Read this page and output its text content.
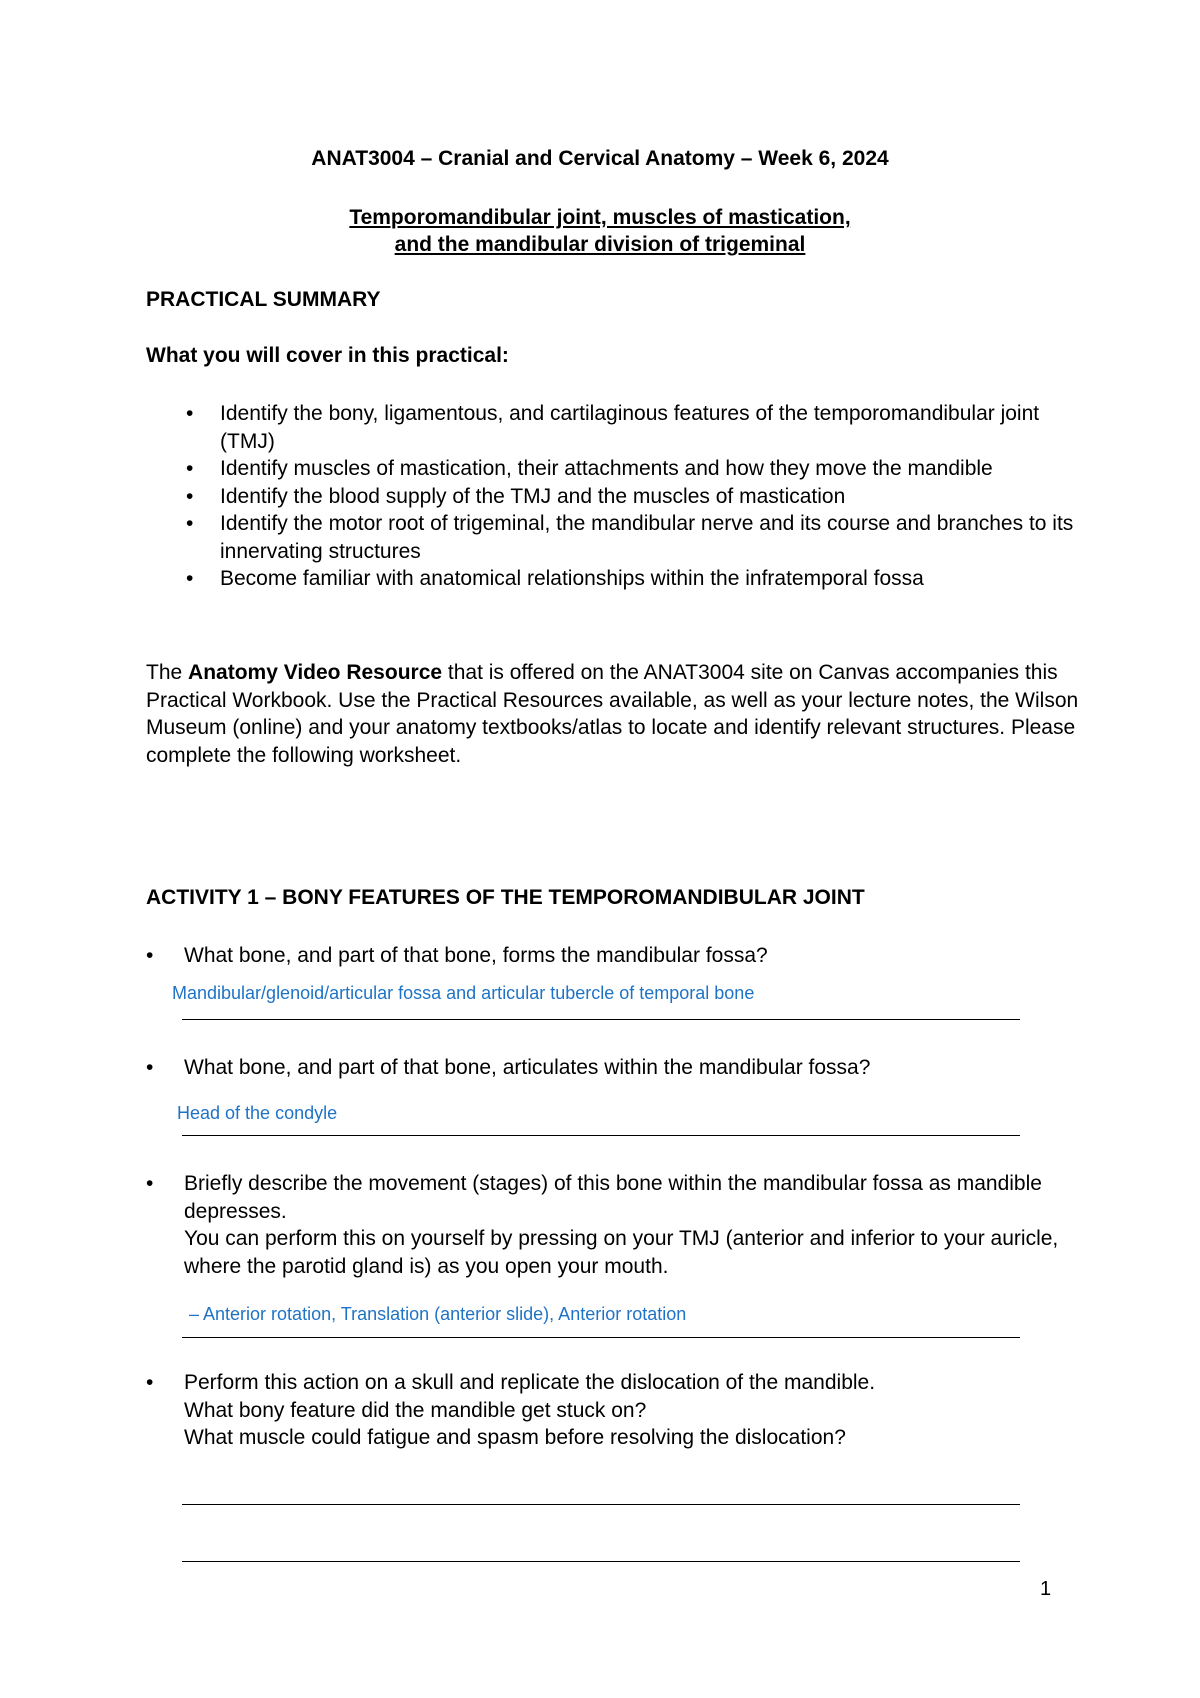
ANAT3004 – Cranial and Cervical Anatomy – Week 6, 2024
Temporomandibular joint, muscles of mastication,
and the mandibular division of trigeminal
PRACTICAL SUMMARY
What you will cover in this practical:
• Identify the bony, ligamentous, and cartilaginous features of the temporomandibular joint (TMJ)
• Identify muscles of mastication, their attachments and how they move the mandible
• Identify the blood supply of the TMJ and the muscles of mastication
• Identify the motor root of trigeminal, the mandibular nerve and its course and branches to its innervating structures
• Become familiar with anatomical relationships within the infratemporal fossa
The Anatomy Video Resource that is offered on the ANAT3004 site on Canvas accompanies this Practical Workbook. Use the Practical Resources available, as well as your lecture notes, the Wilson Museum (online) and your anatomy textbooks/atlas to locate and identify relevant structures. Please complete the following worksheet.
ACTIVITY 1 – BONY FEATURES OF THE TEMPOROMANDIBULAR JOINT
• What bone, and part of that bone, forms the mandibular fossa?
Mandibular/glenoid/articular fossa and articular tubercle of temporal bone
• What bone, and part of that bone, articulates within the mandibular fossa?
Head of the condyle
• Briefly describe the movement (stages) of this bone within the mandibular fossa as mandible depresses.
You can perform this on yourself by pressing on your TMJ (anterior and inferior to your auricle, where the parotid gland is) as you open your mouth.
– Anterior rotation, Translation (anterior slide), Anterior rotation
• Perform this action on a skull and replicate the dislocation of the mandible.
What bony feature did the mandible get stuck on?
What muscle could fatigue and spasm before resolving the dislocation?
1
